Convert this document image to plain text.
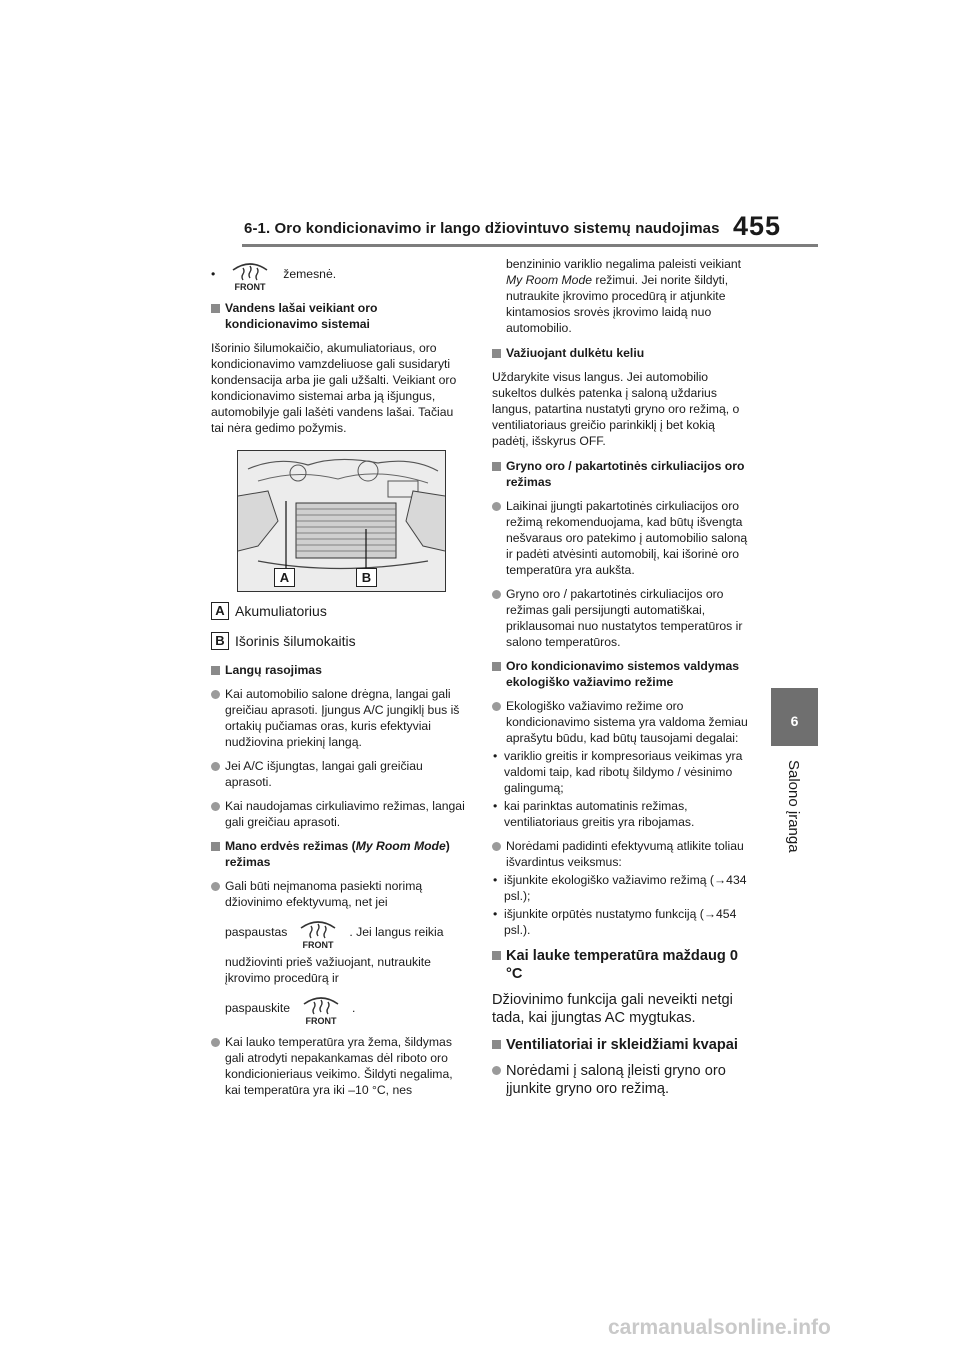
6-1. Oro kondicionavimo ir lango džiovintuvo sistemų naudojimas 455
6
Salono įranga
•
FRONT
žemesnė.
Vandens lašai veikiant oro kondicionavimo sistemai

Išorinio šilumokaičio, akumuliatoriaus, oro kondicionavimo vamzdeliuose gali susidaryti kondensacija arba jie gali užšalti. Veikiant oro kondicionavimo sistemai arba ją išjungus, automobilyje gali lašėti vandens lašai. Tačiau tai nėra gedimo požymis.

A	B
A Akumuliatorius
B Išorinis šilumokaitis
Langų rasojimas
Kai automobilio salone drėgna, langai gali greičiau aprasoti. Įjungus A/C jungiklį bus iš ortakių pučiamas oras, kuris efektyviai nudžiovina priekinį langą.
Jei A/C išjungtas, langai gali greičiau aprasoti.
Kai naudojamas cirkuliavimo režimas, langai gali greičiau aprasoti.
Mano erdvės režimas (My Room Mode) režimas
Gali būti neįmanoma pasiekti norimą džiovinimo efektyvumą, net jei
paspaustas
FRONT
. Jei langus reikia
nudžiovinti prieš važiuojant, nutraukite įkrovimo procedūrą ir
paspauskite
FRONT
.
Kai lauko temperatūra yra žema, šildymas gali atrodyti nepakankamas dėl riboto oro kondicionieriaus veikimo. Šildyti negalima, kai temperatūra yra iki –10 °C, nes

benzininio variklio negalima paleisti veikiant My Room Mode režimui. Jei norite šildyti, nutraukite įkrovimo procedūrą ir atjunkite kintamosios srovės įkrovimo laidą nuo automobilio.

Važiuojant dulkėtu keliu

Uždarykite visus langus. Jei automobilio sukeltos dulkės patenka į saloną uždarius langus, patartina nustatyti gryno oro režimą, o ventiliatoriaus greičio parinkiklį į bet kokią padėtį, išskyrus OFF.

Gryno oro / pakartotinės cirkuliacijos oro režimas
Laikinai įjungti pakartotinės cirkuliacijos oro režimą rekomenduojama, kad būtų išvengta nešvaraus oro patekimo į automobilio saloną ir padėti atvėsinti automobilį, kai išorinė oro temperatūra yra aukšta.
Gryno oro / pakartotinės cirkuliacijos oro režimas gali persijungti automatiškai, priklausomai nuo nustatytos temperatūros ir salono temperatūros.
Oro kondicionavimo sistemos valdymas ekologiško važiavimo režime
Ekologiško važiavimo režime oro kondicionavimo sistema yra valdoma žemiau aprašytu būdu, kad būtų tausojami degalai:
• variklio greitis ir kompresoriaus veikimas yra valdomi taip, kad ribotų šildymo / vėsinimo galingumą;
• kai parinktas automatinis režimas, ventiliatoriaus greitis yra ribojamas.
Norėdami padidinti efektyvumą atlikite toliau išvardintus veiksmus:
• išjunkite ekologiško važiavimo režimą (→434 psl.);
• išjunkite orpūtės nustatymo funkciją (→454 psl.).
Kai lauke temperatūra maždaug 0 °C

Džiovinimo funkcija gali neveikti netgi tada, kai įjungtas AC mygtukas.

Ventiliatoriai ir skleidžiami kvapai
Norėdami į saloną įleisti gryno oro įjunkite gryno oro režimą.
carmanualsonline.info
